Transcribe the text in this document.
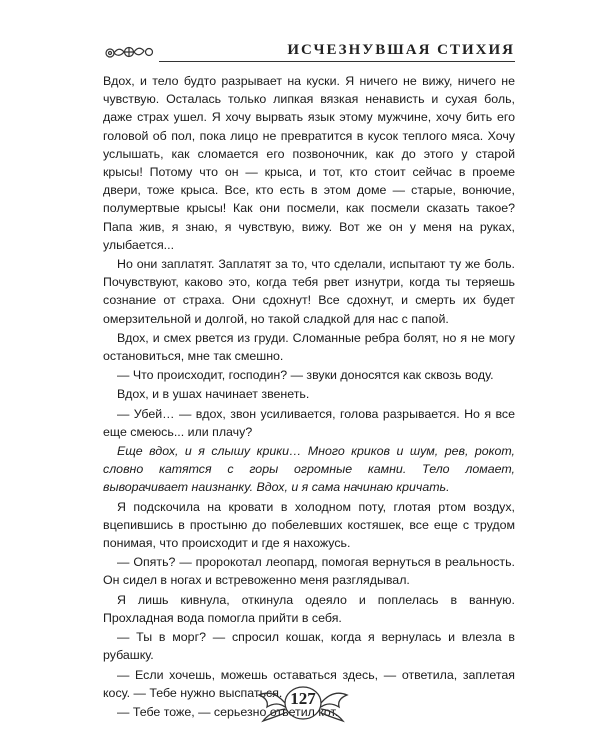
ИСЧЕЗНУВШАЯ СТИХИЯ

Вдох, и тело будто разрывает на куски. Я ничего не вижу, ничего не чувствую. Осталась только липкая вязкая ненависть и сухая боль, даже страх ушел. Я хочу вырвать язык этому мужчине, хочу бить его головой об пол, пока лицо не превратится в кусок теплого мяса. Хочу услышать, как сломается его позвоночник, как до этого у старой крысы! Потому что он — крыса, и тот, кто стоит сейчас в проеме двери, тоже крыса. Все, кто есть в этом доме — старые, вонючие, полумертвые крысы! Как они посмели, как посмели сказать такое? Папа жив, я знаю, я чувствую, вижу. Вот же он у меня на руках, улыбается...

Но они заплатят. Заплатят за то, что сделали, испытают ту же боль. Почувствуют, каково это, когда тебя рвет изнутри, когда ты теряешь сознание от страха. Они сдохнут! Все сдохнут, и смерть их будет омерзительной и долгой, но такой сладкой для нас с папой.

Вдох, и смех рвется из груди. Сломанные ребра болят, но я не могу остановиться, мне так смешно.

— Что происходит, господин? — звуки доносятся как сквозь воду.

Вдох, и в ушах начинает звенеть.

— Убей… — вдох, звон усиливается, голова разрывается. Но я все еще смеюсь... или плачу?

Еще вдох, и я слышу крики… Много криков и шум, рев, рокот, словно катятся с горы огромные камни. Тело ломает, выворачивает наизнанку. Вдох, и я сама начинаю кричать.

Я подскочила на кровати в холодном поту, глотая ртом воздух, вцепившись в простыню до побелевших костяшек, все еще с трудом понимая, что происходит и где я нахожусь.

— Опять? — пророкотал леопард, помогая вернуться в реальность. Он сидел в ногах и встревоженно меня разглядывал.

Я лишь кивнула, откинула одеяло и поплелась в ванную. Прохладная вода помогла прийти в себя.

— Ты в морг? — спросил кошак, когда я вернулась и влезла в рубашку.

— Если хочешь, можешь оставаться здесь, — ответила, заплетая косу. — Тебе нужно выспаться.

— Тебе тоже, — серьезно ответил кот.

127
